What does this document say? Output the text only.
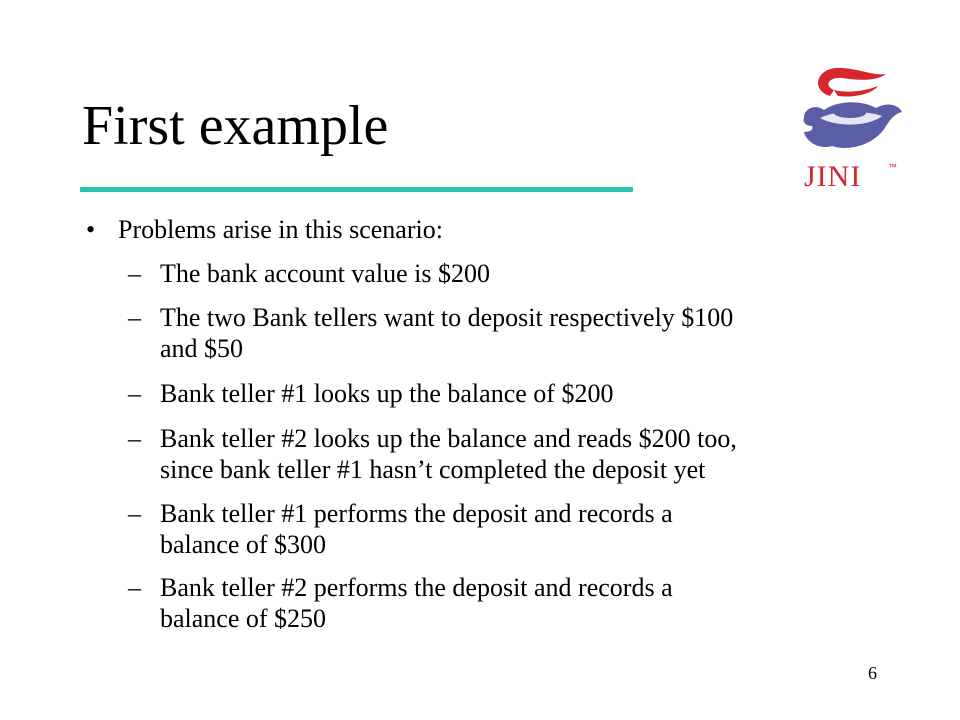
First example
JINI	™
• Problems arise in this scenario:
– The bank account value is $200
– The two Bank tellers want to deposit respectively $100
and $50
– Bank teller #1 looks up the balance of $200
– Bank teller #2 looks up the balance and reads $200 too,
since bank teller #1 hasn’t completed the deposit yet
– Bank teller #1 performs the deposit and records a
balance of $300
– Bank teller #2 performs the deposit and records a
balance of $250
6
